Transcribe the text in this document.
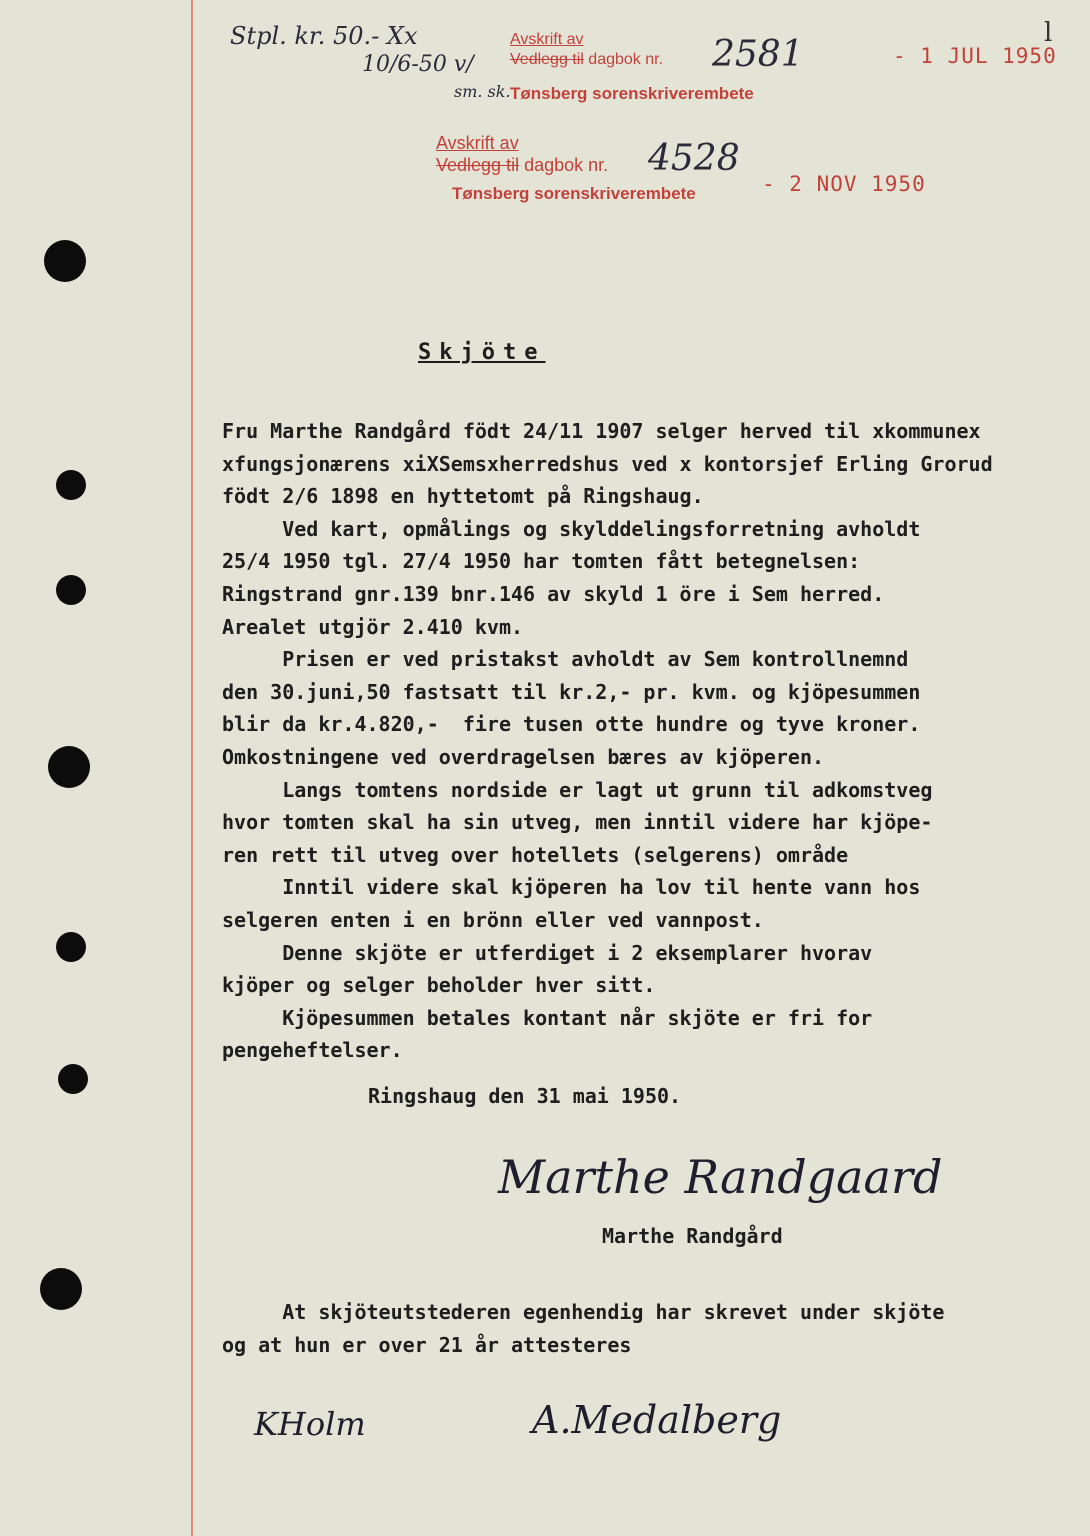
Stpl. kr. 50.- Xx
10/6-50 v/
sm. sk.
l
Avskrift av
Vedlegg til dagbok nr.
Tønsberg sorenskriverembete
2581	- 1 JUL 1950
Avskrift av
Vedlegg til dagbok nr.
Tønsberg sorenskriverembete
4528
- 2 NOV 1950
Skjöte
Fru Marthe Randgård födt 24/11 1907 selger herved til xkommunex
xfungsjonærens xiXSemsxherredshus ved x kontorsjef Erling Grorud
födt 2/6 1898 en hyttetomt på Ringshaug.
Ved kart, opmålings og skylddelingsforretning avholdt
25/4 1950 tgl. 27/4 1950 har tomten fått betegnelsen:
Ringstrand gnr.139 bnr.146 av skyld 1 öre i Sem herred.
Arealet utgjör 2.410 kvm.
Prisen er ved pristakst avholdt av Sem kontrollnemnd
den 30.juni,50 fastsatt til kr.2,- pr. kvm. og kjöpesummen
blir da kr.4.820,-  fire tusen otte hundre og tyve kroner.
Omkostningene ved overdragelsen bæres av kjöperen.
Langs tomtens nordside er lagt ut grunn til adkomstveg
hvor tomten skal ha sin utveg, men inntil videre har kjöpe-
ren rett til utveg over hotellets (selgerens) område
Inntil videre skal kjöperen ha lov til hente vann hos
selgeren enten i en brönn eller ved vannpost.
Denne skjöte er utferdiget i 2 eksemplarer hvorav
kjöper og selger beholder hver sitt.
Kjöpesummen betales kontant når skjöte er fri for
pengeheftelser.
Ringshaug den 31 mai 1950.
Marthe Randgaard
Marthe Randgård
At skjöteutstederen egenhendig har skrevet under skjöte
og at hun er over 21 år attesteres
KHolm	A.Medalberg
